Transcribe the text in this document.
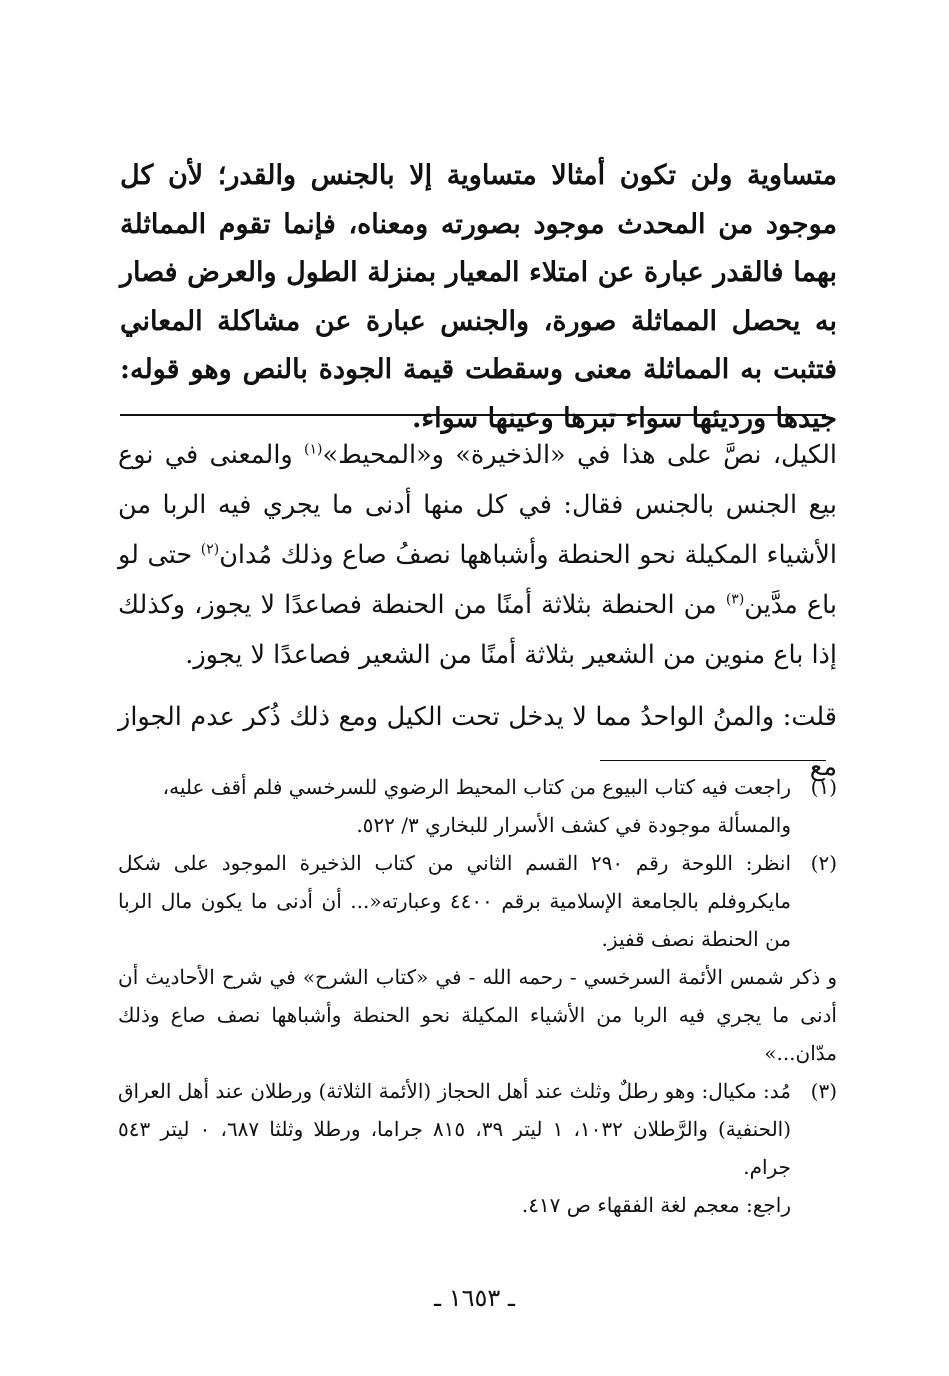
متساوية ولن تكون أمثالا متساوية إلا بالجنس والقدر؛ لأن كل موجود من المحدث موجود بصورته ومعناه، فإنما تقوم المماثلة بهما فالقدر عبارة عن امتلاء المعيار بمنزلة الطول والعرض فصار به يحصل المماثلة صورة، والجنس عبارة عن مشاكلة المعاني فتثبت به المماثلة معنى وسقطت قيمة الجودة بالنص وهو قوله: جيدها ورديئها سواء تبرها وعينها سواء.

الكيل، نصَّ على هذا في «الذخيرة» و«المحيط»$^{(١)}$ والمعنى في نوع بيع الجنس بالجنس فقال: في كل منها أدنى ما يجري فيه الربا من الأشياء المكيلة نحو الحنطة وأشباهها نصفُ صاع وذلك مُدان$^{(٢)}$ حتى لو باع مدَّين$^{(٣)}$ من الحنطة بثلاثة أمنًا من الحنطة فصاعدًا لا يجوز، وكذلك إذا باع منوين من الشعير بثلاثة أمنًا من الشعير فصاعدًا لا يجوز.

قلت: والمنُ الواحدُ مما لا يدخل تحت الكيل ومع ذلك ذُكر عدم الجواز مع

(١)

راجعت فيه كتاب البيوع من كتاب المحيط الرضوي للسرخسي فلم أقف عليه،

والمسألة موجودة في كشف الأسرار للبخاري ٣/ ٥٢٢.

(٢)

انظر: اللوحة رقم ٢٩٠ القسم الثاني من كتاب الذخيرة الموجود على شكل مايكروفلم بالجامعة الإسلامية برقم ٤٤٠٠ وعبارته«... أن أدنى ما يكون مال الربا من الحنطة نصف قفيز.

و ذكر شمس الأئمة السرخسي - رحمه الله - في «كتاب الشرح» في شرح الأحاديث أن أدنى ما يجري فيه الربا من الأشياء المكيلة نحو الحنطة وأشباهها نصف صاع وذلك مدّان...»

(٣)

مُد: مكيال: وهو رطلٌ وثلث عند أهل الحجاز (الأئمة الثلاثة) ورطلان عند أهل العراق (الحنفية) والرَّطلان ١٠٣٢، ١ ليتر ٣٩، ٨١٥ جراما، ورطلا وثلثا ٦٨٧، ٠ ليتر ٥٤٣ جرام.

راجع: معجم لغة الفقهاء ص ٤١٧.

ـ ١٦٥٣ ـ
